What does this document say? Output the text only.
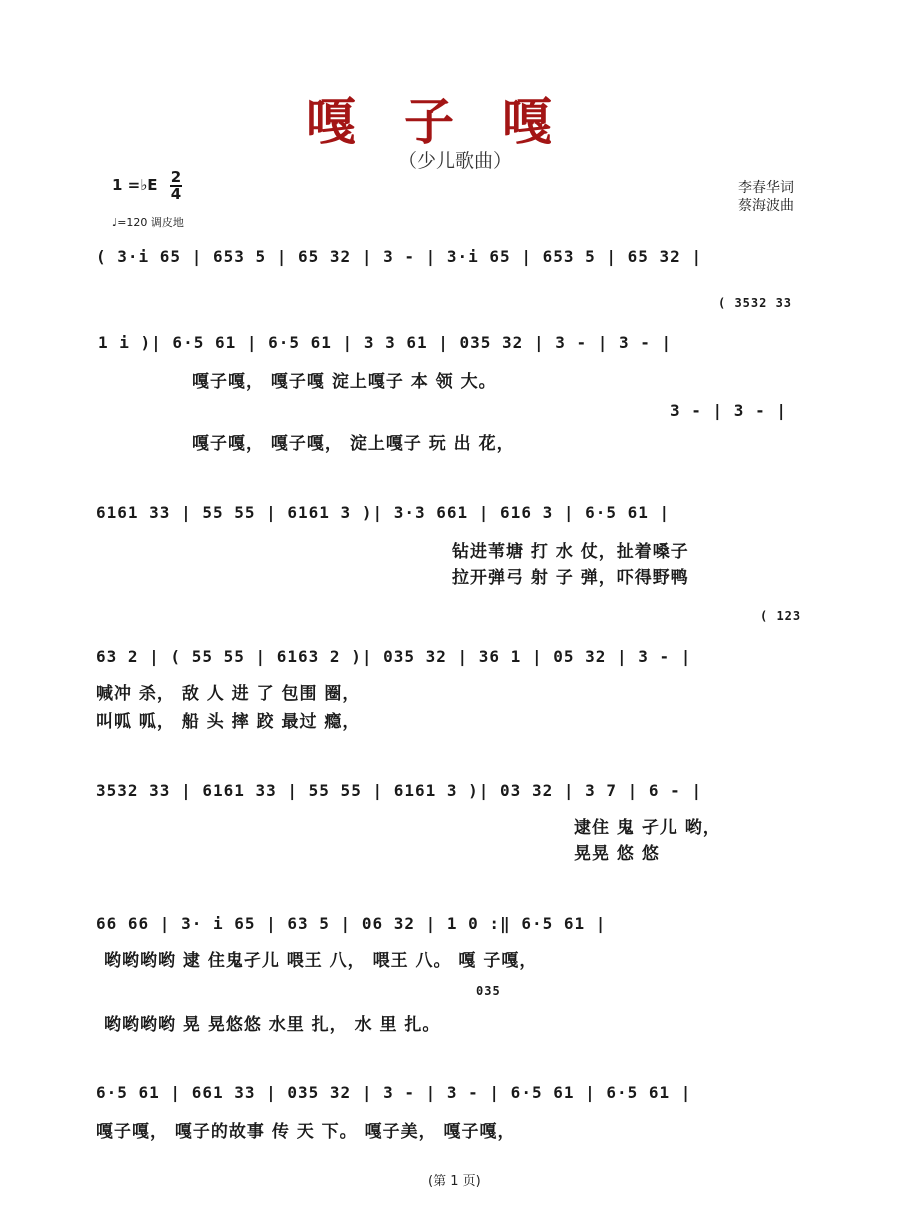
嘎子嘎
（少儿歌曲）
1 =♭E 2
4
♩=120 调皮地
李春华词
蔡海波曲
( 3·i 65 | 653 5 | 65 32 | 3 - | 3·i 65 | 653 5 | 65 32 |
( 3532 33
1 i )| 6·5 61 | 6·5 61 | 3 3 61 | 035 32 | 3 - | 3 - |
嘎子嘎， 嘎子嘎 淀上嘎子 本 领 大。
3 - | 3 - |
嘎子嘎， 嘎子嘎， 淀上嘎子 玩 出 花，
6161 33 | 55 55 | 6161 3 )| 3·3 661 | 616 3 | 6·5 61 |
钻进苇塘 打 水 仗，扯着嗓子
拉开弹弓 射 子 弹，吓得野鸭
( 123
63 2 | ( 55 55 | 6163 2 )| 035 32 | 36 1 | 05 32 | 3 - |
喊冲 杀， 敌 人 进 了 包围 圈，
叫呱 呱， 船 头 摔 跤 最过 瘾，
3532 33 | 6161 33 | 55 55 | 6161 3 )| 03 32 | 3 7 | 6 - |
逮住 鬼 孑儿 哟，
晃晃 悠 悠
66 66 | 3· i 65 | 63 5 | 06 32 | 1 0 :‖ 6·5 61 |
哟哟哟哟 逮 住鬼孑儿 喂王 八， 喂王 八。 嘎 子嘎，
035
哟哟哟哟 晃 晃悠悠 水里 扎， 水 里 扎。
6·5 61 | 661 33 | 035 32 | 3 - | 3 - | 6·5 61 | 6·5 61 |
嘎子嘎， 嘎子的故事 传 天 下。 嘎子美， 嘎子嘎，
(第 1 页)
